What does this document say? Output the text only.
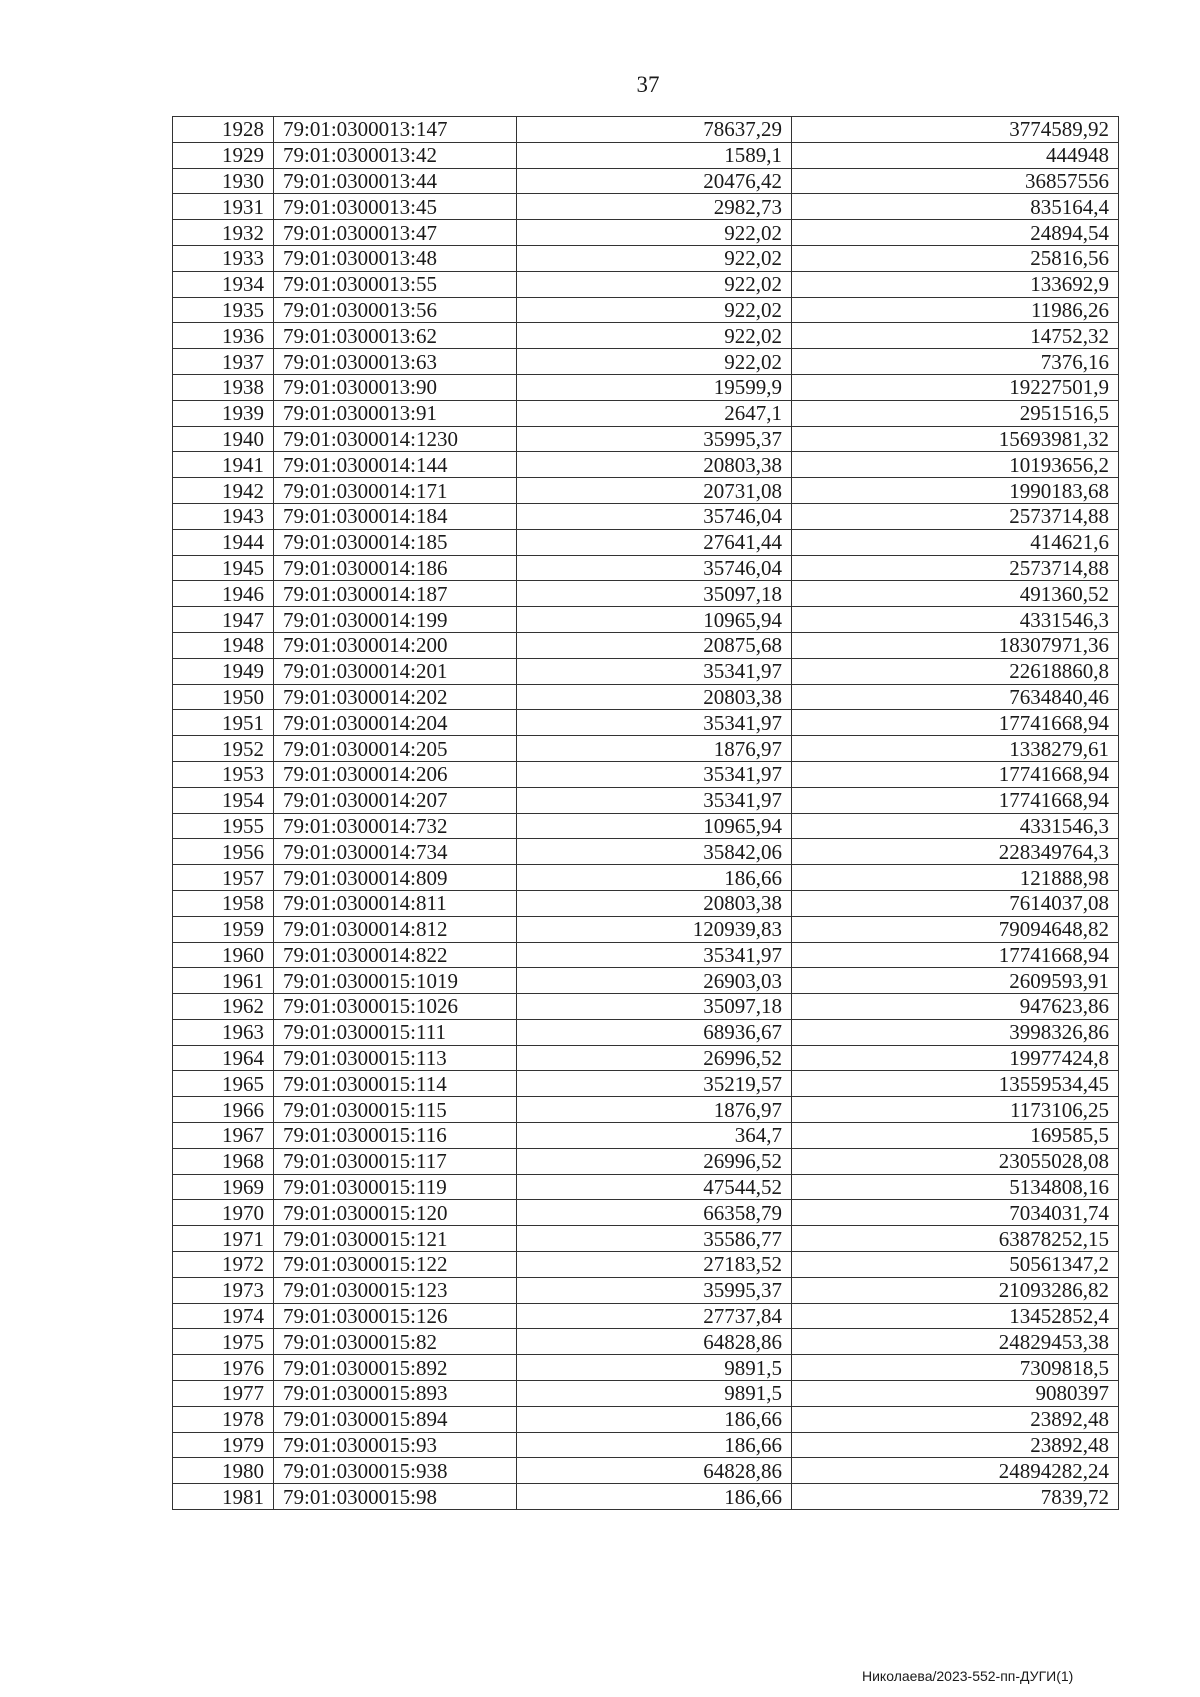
37
1928	79:01:0300013:147	78637,29	3774589,92
1929	79:01:0300013:42	1589,1	444948
1930	79:01:0300013:44	20476,42	36857556
1931	79:01:0300013:45	2982,73	835164,4
1932	79:01:0300013:47	922,02	24894,54
1933	79:01:0300013:48	922,02	25816,56
1934	79:01:0300013:55	922,02	133692,9
1935	79:01:0300013:56	922,02	11986,26
1936	79:01:0300013:62	922,02	14752,32
1937	79:01:0300013:63	922,02	7376,16
1938	79:01:0300013:90	19599,9	19227501,9
1939	79:01:0300013:91	2647,1	2951516,5
1940	79:01:0300014:1230	35995,37	15693981,32
1941	79:01:0300014:144	20803,38	10193656,2
1942	79:01:0300014:171	20731,08	1990183,68
1943	79:01:0300014:184	35746,04	2573714,88
1944	79:01:0300014:185	27641,44	414621,6
1945	79:01:0300014:186	35746,04	2573714,88
1946	79:01:0300014:187	35097,18	491360,52
1947	79:01:0300014:199	10965,94	4331546,3
1948	79:01:0300014:200	20875,68	18307971,36
1949	79:01:0300014:201	35341,97	22618860,8
1950	79:01:0300014:202	20803,38	7634840,46
1951	79:01:0300014:204	35341,97	17741668,94
1952	79:01:0300014:205	1876,97	1338279,61
1953	79:01:0300014:206	35341,97	17741668,94
1954	79:01:0300014:207	35341,97	17741668,94
1955	79:01:0300014:732	10965,94	4331546,3
1956	79:01:0300014:734	35842,06	228349764,3
1957	79:01:0300014:809	186,66	121888,98
1958	79:01:0300014:811	20803,38	7614037,08
1959	79:01:0300014:812	120939,83	79094648,82
1960	79:01:0300014:822	35341,97	17741668,94
1961	79:01:0300015:1019	26903,03	2609593,91
1962	79:01:0300015:1026	35097,18	947623,86
1963	79:01:0300015:111	68936,67	3998326,86
1964	79:01:0300015:113	26996,52	19977424,8
1965	79:01:0300015:114	35219,57	13559534,45
1966	79:01:0300015:115	1876,97	1173106,25
1967	79:01:0300015:116	364,7	169585,5
1968	79:01:0300015:117	26996,52	23055028,08
1969	79:01:0300015:119	47544,52	5134808,16
1970	79:01:0300015:120	66358,79	7034031,74
1971	79:01:0300015:121	35586,77	63878252,15
1972	79:01:0300015:122	27183,52	50561347,2
1973	79:01:0300015:123	35995,37	21093286,82
1974	79:01:0300015:126	27737,84	13452852,4
1975	79:01:0300015:82	64828,86	24829453,38
1976	79:01:0300015:892	9891,5	7309818,5
1977	79:01:0300015:893	9891,5	9080397
1978	79:01:0300015:894	186,66	23892,48
1979	79:01:0300015:93	186,66	23892,48
1980	79:01:0300015:938	64828,86	24894282,24
1981	79:01:0300015:98	186,66	7839,72
Николаева/2023-552-пп-ДУГИ(1)
